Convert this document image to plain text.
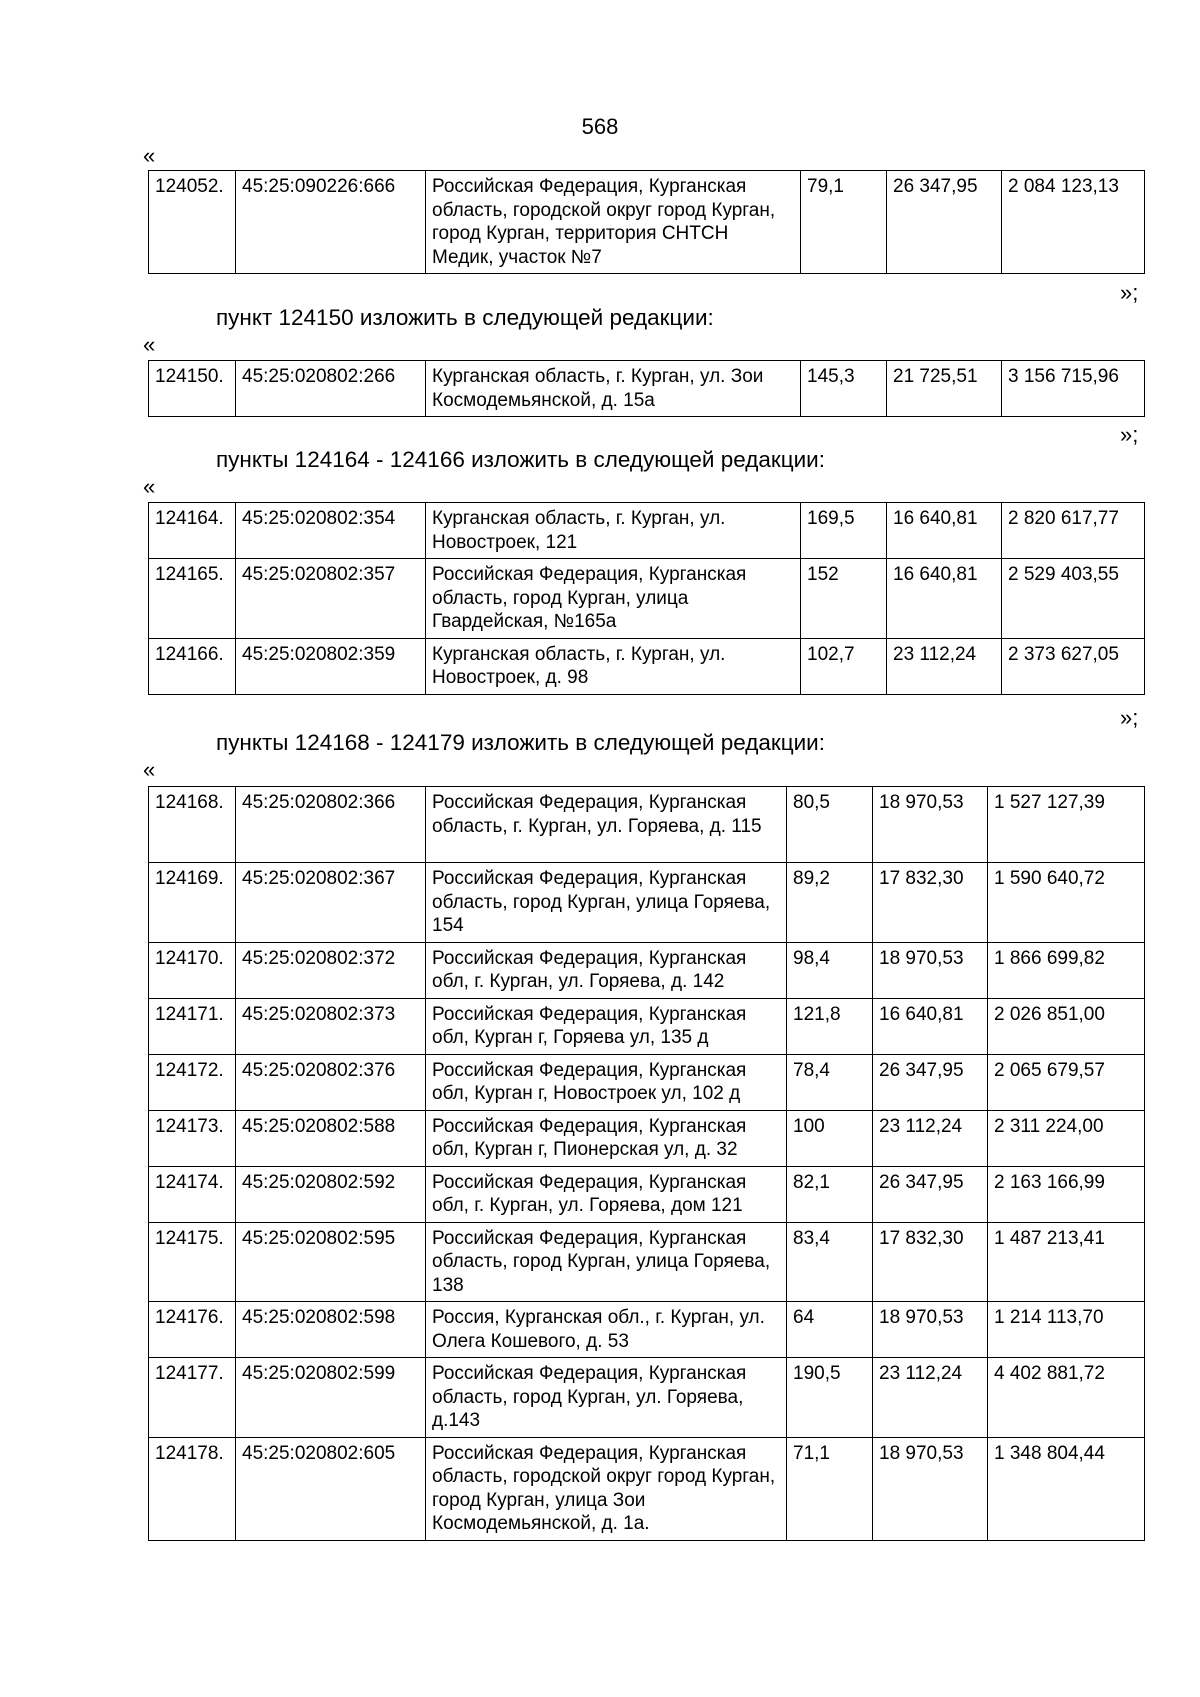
568
«
124052.	45:25:090226:666	Российская Федерация, Курганская область, городской округ город Курган, город Курган, территория СНТСН Медик, участок №7	79,1	26 347,95	2 084 123,13
»;
пункт 124150 изложить в следующей редакции:
«
124150.	45:25:020802:266	Курганская область, г. Курган, ул. Зои Космодемьянской, д. 15а	145,3	21 725,51	3 156 715,96
»;
пункты 124164 - 124166 изложить в следующей редакции:
«
124164.	45:25:020802:354	Курганская область, г. Курган, ул. Новостроек, 121	169,5	16 640,81	2 820 617,77
124165.	45:25:020802:357	Российская Федерация, Курганская область, город Курган, улица Гвардейская, №165а	152	16 640,81	2 529 403,55
124166.	45:25:020802:359	Курганская область, г. Курган, ул. Новостроек, д. 98	102,7	23 112,24	2 373 627,05
»;
пункты 124168 - 124179 изложить в следующей редакции:
«
124168.	45:25:020802:366	Российская Федерация, Курганская область, г. Курган, ул. Горяева, д. 115	80,5	18 970,53	1 527 127,39
124169.	45:25:020802:367	Российская Федерация, Курганская область, город Курган, улица Горяева, 154	89,2	17 832,30	1 590 640,72
124170.	45:25:020802:372	Российская Федерация, Курганская обл, г. Курган, ул. Горяева, д. 142	98,4	18 970,53	1 866 699,82
124171.	45:25:020802:373	Российская Федерация, Курганская обл, Курган г, Горяева ул, 135 д	121,8	16 640,81	2 026 851,00
124172.	45:25:020802:376	Российская Федерация, Курганская обл, Курган г, Новостроек ул, 102 д	78,4	26 347,95	2 065 679,57
124173.	45:25:020802:588	Российская Федерация, Курганская обл, Курган г, Пионерская ул, д. 32	100	23 112,24	2 311 224,00
124174.	45:25:020802:592	Российская Федерация, Курганская обл, г. Курган, ул. Горяева, дом 121	82,1	26 347,95	2 163 166,99
124175.	45:25:020802:595	Российская Федерация, Курганская область, город Курган, улица Горяева, 138	83,4	17 832,30	1 487 213,41
124176.	45:25:020802:598	Россия, Курганская обл., г. Курган, ул. Олега Кошевого, д. 53	64	18 970,53	1 214 113,70
124177.	45:25:020802:599	Российская Федерация, Курганская область, город Курган, ул. Горяева, д.143	190,5	23 112,24	4 402 881,72
124178.	45:25:020802:605	Российская Федерация, Курганская область, городской округ город Курган, город Курган, улица Зои Космодемьянской, д. 1а.	71,1	18 970,53	1 348 804,44
